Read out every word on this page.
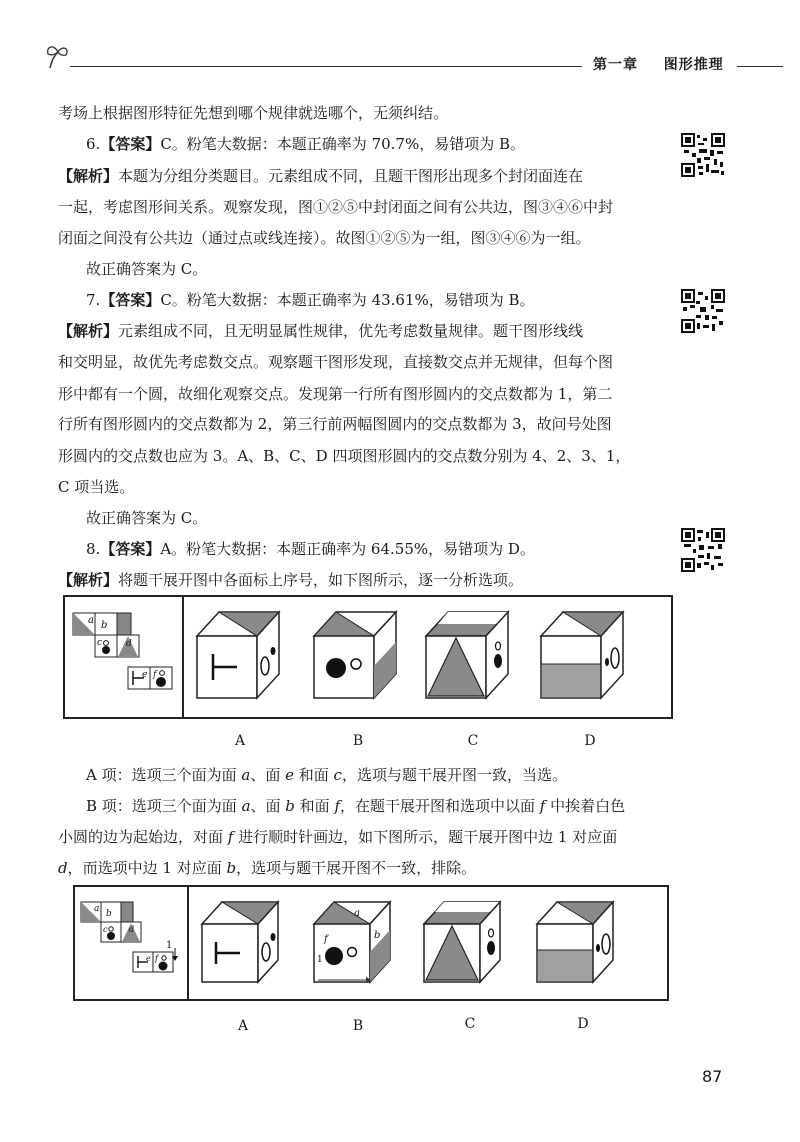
第一章 图形推理
考场上根据图形特征先想到哪个规律就选哪个，无须纠结。
6.【答案】C。粉笔大数据：本题正确率为 70.7%，易错项为 B。
【解析】本题为分组分类题目。元素组成不同，且题干图形出现多个封闭面连在
一起，考虑图形间关系。观察发现，图①②⑤中封闭面之间有公共边，图③④⑥中封
闭面之间没有公共边（通过点或线连接）。故图①②⑤为一组，图③④⑥为一组。
故正确答案为 C。
7.【答案】C。粉笔大数据：本题正确率为 43.61%，易错项为 B。
【解析】元素组成不同，且无明显属性规律，优先考虑数量规律。题干图形线线
和交明显，故优先考虑数交点。观察题干图形发现，直接数交点并无规律，但每个图
形中都有一个圆，故细化观察交点。发现第一行所有图形圆内的交点数都为 1，第二
行所有图形圆内的交点数都为 2，第三行前两幅图圆内的交点数都为 3，故问号处图
形圆内的交点数也应为 3。A、B、C、D 四项图形圆内的交点数分别为 4、2、3、1，
C 项当选。
故正确答案为 C。
8.【答案】A。粉笔大数据：本题正确率为 64.55%，易错项为 D。
【解析】将题干展开图中各面标上序号，如下图所示，逐一分析选项。
a b
c	d
e f
A	B	C	D
A 项：选项三个面为面 a、面 e 和面 c，选项与题干展开图一致，当选。
B 项：选项三个面为面 a、面 b 和面 f，在题干展开图和选项中以面 f 中挨着白色
小圆的边为起始边，对面 f 进行顺时针画边，如下图所示，题干展开图中边 1 对应面
d，而选项中边 1 对应面 b，选项与题干展开图不一致，排除。
a b
c	d
e f
1
a
b
f
1
A	B	C	D
87
